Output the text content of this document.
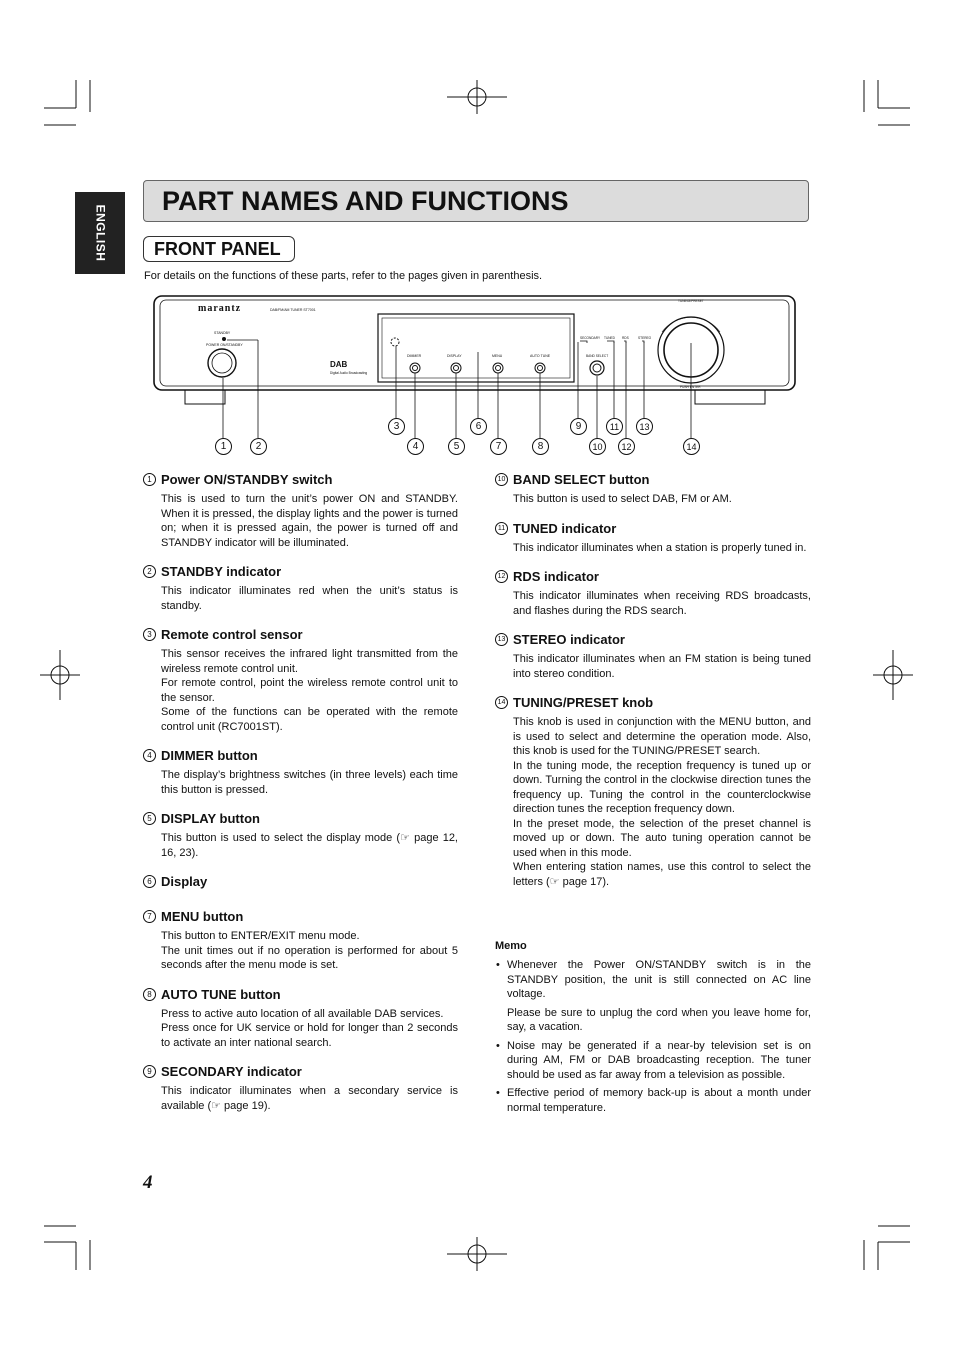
ENGLISH
PART NAMES AND FUNCTIONS
FRONT PANEL
For details on the functions of these parts, refer to the pages given in parenthesis.
marantz	DAB/FM/AM TUNER ST7001
STANDBY
POWER ON/STANDBY
DAB
Digital Audio Broadcasting
DIMMER	DISPLAY	MENU	AUTO TUNE
SECONDARY TUNED RDS	STEREO
BAND SELECT
TUNING/PRESET
PUSH ENTER
1	2
3
4	5
6
7	8
9
10
11
12
13
14
1 Power ON/STANDBY switch

This is used to turn the unit’s power ON and STANDBY. When it is pressed, the display lights and the power is turned on; when it is pressed again, the power is turned off and STANDBY indicator will be illuminated.

2 STANDBY indicator

This indicator illuminates red when the unit’s status is standby.

3 Remote control sensor

This sensor receives the infrared light transmitted from the wireless remote control unit.
For remote control, point the wireless remote control unit to the sensor.
Some of the functions can be operated with the remote control unit (RC7001ST).

4 DIMMER button

The display’s brightness switches (in three levels) each time this button is pressed.

5 DISPLAY button

This button is used to select the display mode (☞ page 12, 16, 23).

6 Display
7 MENU button

This button to ENTER/EXIT menu mode.
The unit times out if no operation is performed for about 5 seconds after the menu mode is set.

8 AUTO TUNE button

Press to active auto location of all available DAB services.
Press once for UK service or hold for longer than 2 seconds to activate an inter national search.

9 SECONDARY indicator

This indicator illuminates when a secondary service is available (☞ page 19).

10 BAND SELECT button

This button is used to select DAB, FM or AM.

11 TUNED indicator

This indicator illuminates when a station is properly tuned in.

12 RDS indicator

This indicator illuminates when receiving RDS broadcasts, and flashes during the RDS search.

13 STEREO indicator

This indicator illuminates when an FM station is being tuned into stereo condition.

14 TUNING/PRESET knob

This knob is used in conjunction with the MENU button, and is used to select and determine the operation mode. Also, this knob is used for the TUNING/PRESET search.
In the tuning mode, the reception frequency is tuned up or down. Turning the control in the clockwise direction tunes the frequency up. Tuning the control in the counterclockwise direction tunes the reception frequency down.
In the preset mode, the selection of the preset channel is moved up or down. The auto tuning operation cannot be used when in this mode.
When entering station names, use this control to select the letters (☞ page 17).

Memo
• Whenever the Power ON/STANDBY switch is in the STANDBY position, the unit is still connected on AC line voltage.
Please be sure to unplug the cord when you leave home for, say, a vacation.
• Noise may be generated if a near-by television set is on during AM, FM or DAB broadcasting reception. The tuner should be used as far away from a television as possible.
• Effective period of memory back-up is about a month under normal temperature.
4
